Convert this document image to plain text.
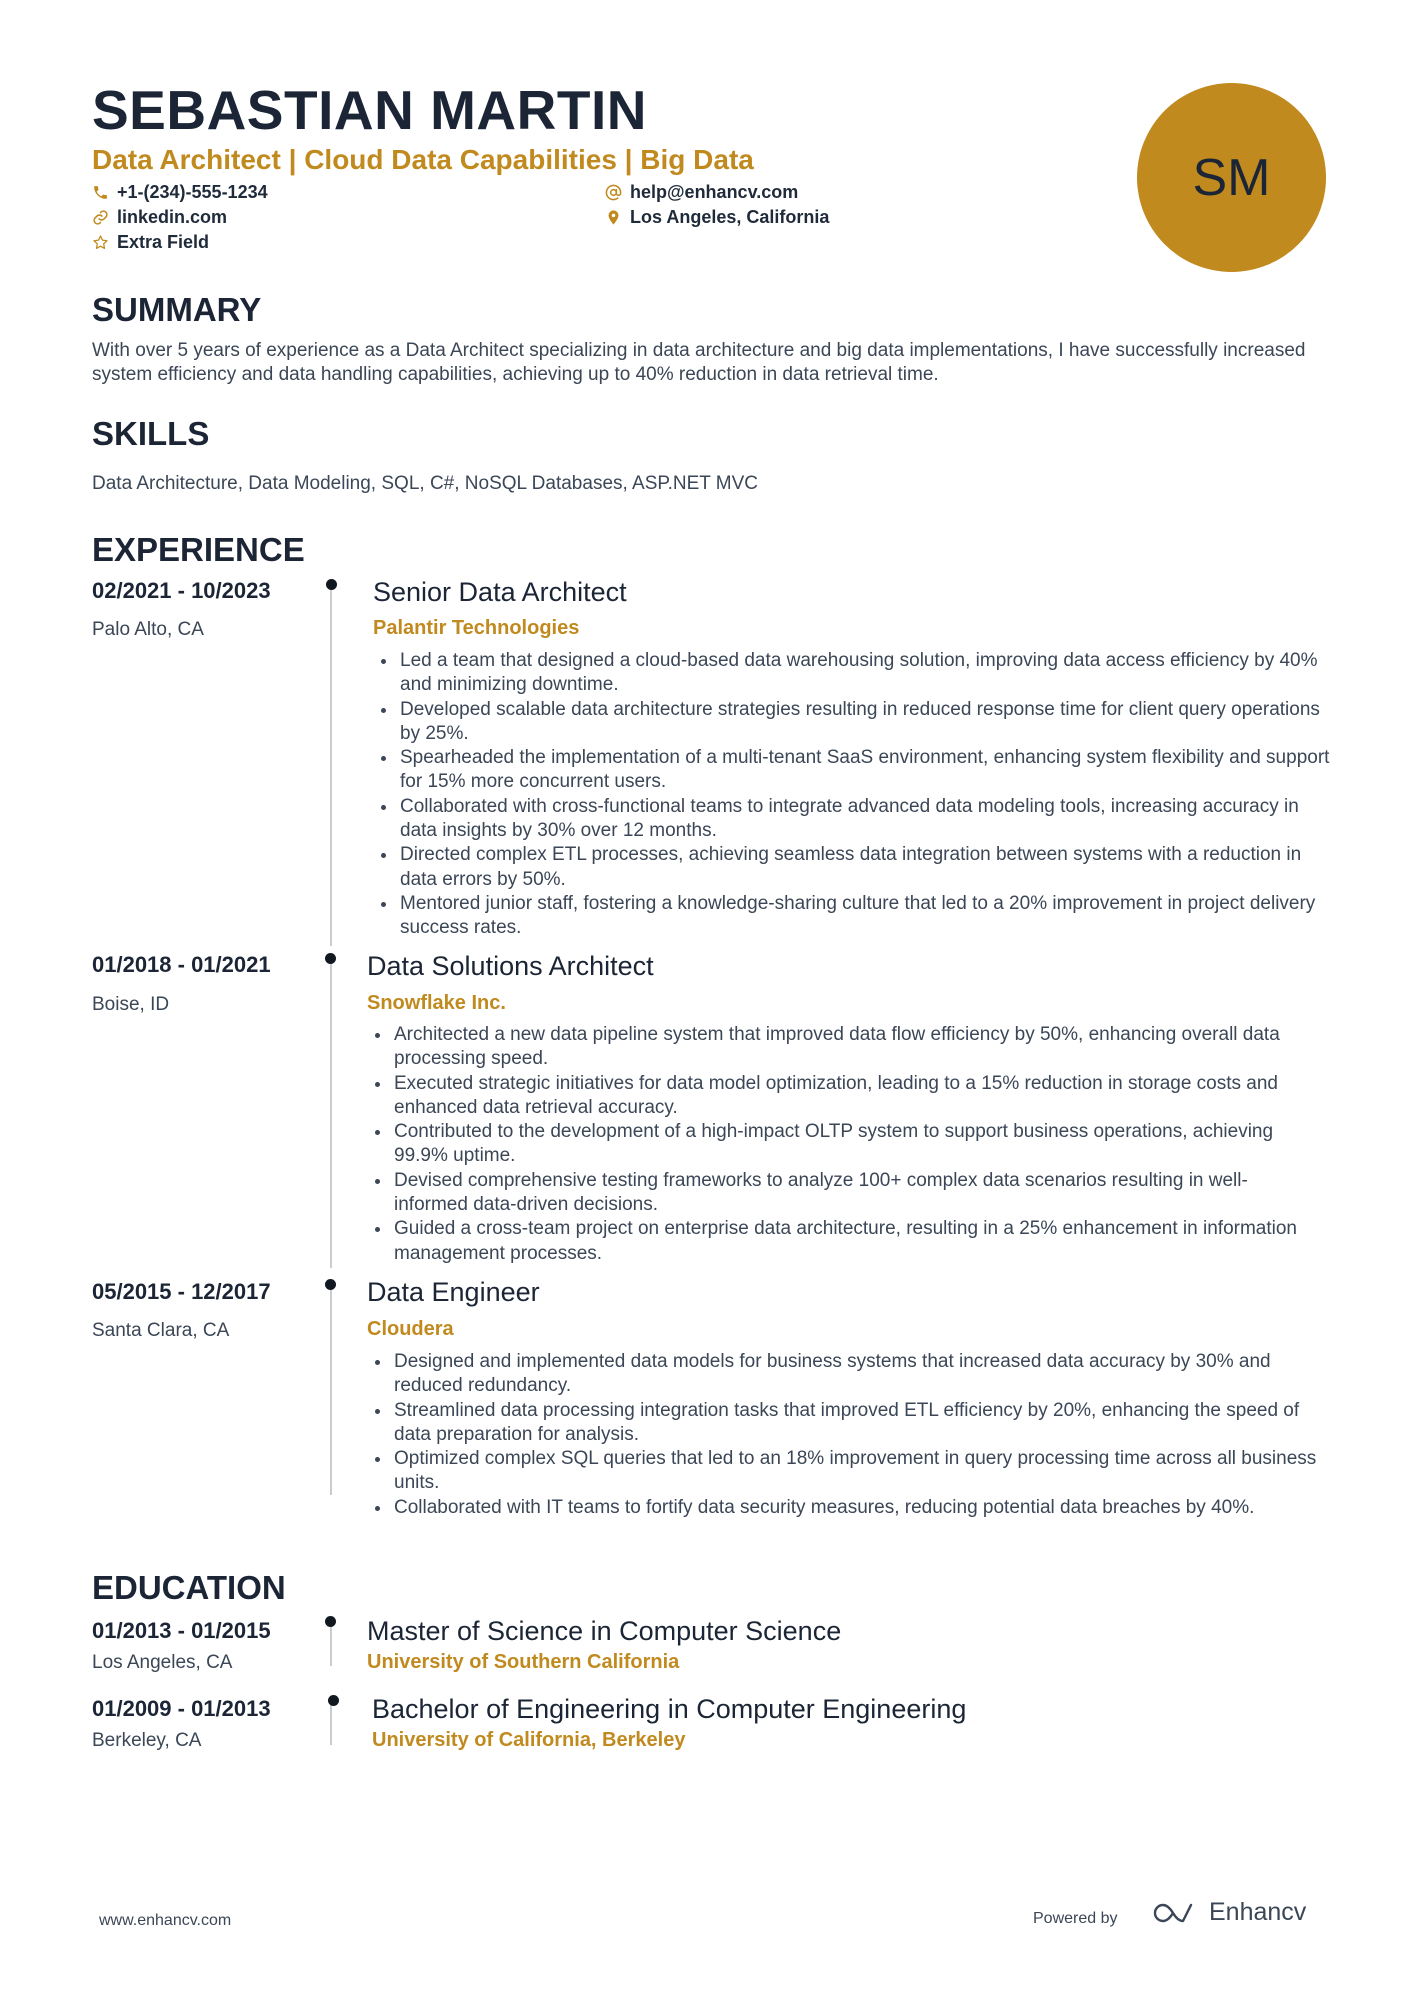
SEBASTIAN MARTIN
Data Architect | Cloud Data Capabilities | Big Data
+1-(234)-555-1234	help@enhancv.com
linkedin.com	Los Angeles, California
Extra Field
SM
SUMMARY

With over 5 years of experience as a Data Architect specializing in data architecture and big data implementations, I have successfully increased system efficiency and data handling capabilities, achieving up to 40% reduction in data retrieval time.

SKILLS

Data Architecture, Data Modeling, SQL, C#, NoSQL Databases, ASP.NET MVC

EXPERIENCE
02/2021 - 10/2023
Palo Alto, CA
Senior Data Architect
Palantir Technologies
Led a team that designed a cloud-based data warehousing solution, improving data access efficiency by 40% and minimizing downtime.
Developed scalable data architecture strategies resulting in reduced response time for client query operations by 25%.
Spearheaded the implementation of a multi-tenant SaaS environment, enhancing system flexibility and support for 15% more concurrent users.
Collaborated with cross-functional teams to integrate advanced data modeling tools, increasing accuracy in data insights by 30% over 12 months.
Directed complex ETL processes, achieving seamless data integration between systems with a reduction in data errors by 50%.
Mentored junior staff, fostering a knowledge-sharing culture that led to a 20% improvement in project delivery success rates.
01/2018 - 01/2021
Boise, ID
Data Solutions Architect
Snowflake Inc.
Architected a new data pipeline system that improved data flow efficiency by 50%, enhancing overall data processing speed.
Executed strategic initiatives for data model optimization, leading to a 15% reduction in storage costs and enhanced data retrieval accuracy.
Contributed to the development of a high-impact OLTP system to support business operations, achieving 99.9% uptime.
Devised comprehensive testing frameworks to analyze 100+ complex data scenarios resulting in well-informed data-driven decisions.
Guided a cross-team project on enterprise data architecture, resulting in a 25% enhancement in information management processes.
05/2015 - 12/2017
Santa Clara, CA
Data Engineer
Cloudera
Designed and implemented data models for business systems that increased data accuracy by 30% and reduced redundancy.
Streamlined data processing integration tasks that improved ETL efficiency by 20%, enhancing the speed of data preparation for analysis.
Optimized complex SQL queries that led to an 18% improvement in query processing time across all business units.
Collaborated with IT teams to fortify data security measures, reducing potential data breaches by 40%.
EDUCATION
01/2013 - 01/2015
Los Angeles, CA
Master of Science in Computer Science
University of Southern California
01/2009 - 01/2013
Berkeley, CA
Bachelor of Engineering in Computer Engineering
University of California, Berkeley
www.enhancv.com	Powered by	Enhancv
